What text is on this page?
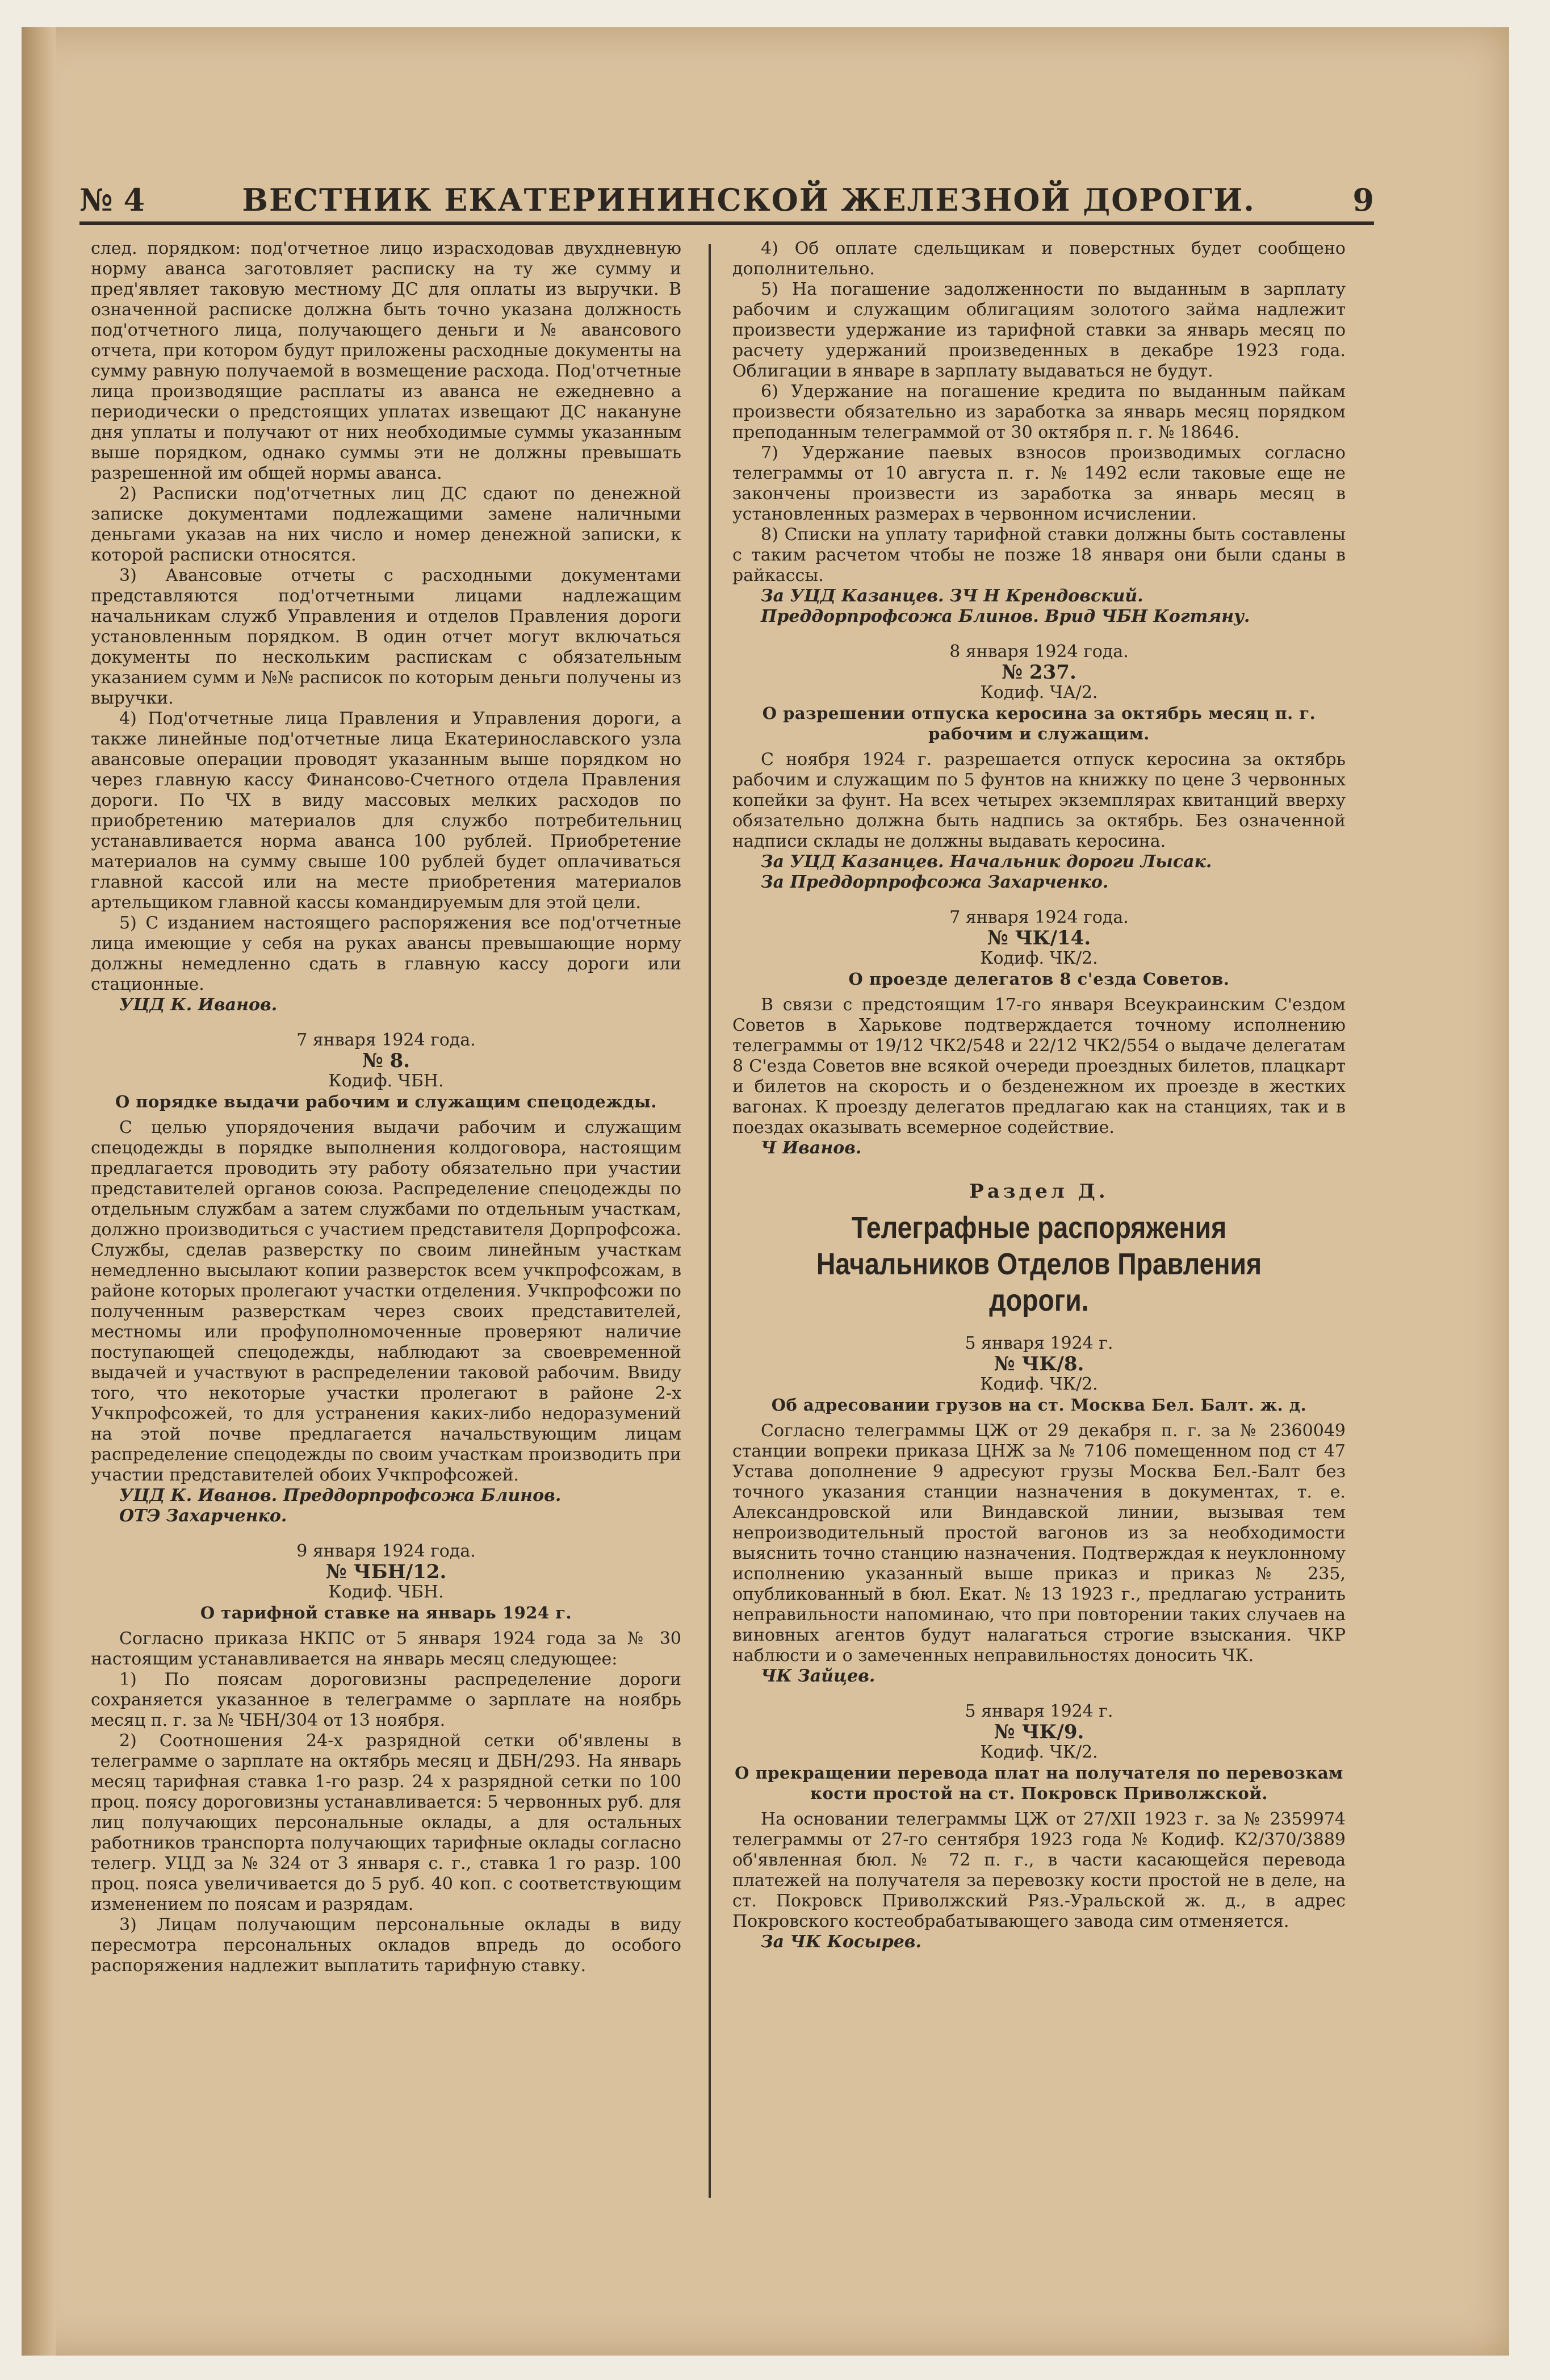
№ 4	ВЕСТНИК ЕКАТЕРИНИНСКОЙ ЖЕЛЕЗНОЙ ДОРОГИ.	9

след. порядком: под'отчетное лицо израсходовав двухдневную норму аванса заготовляет расписку на ту же сумму и пред'являет таковую местному ДС для оплаты из выручки. В означенной расписке должна быть точно указана должность под'отчетного лица, получающего деньги и № авансового отчета, при котором будут приложены расходные документы на сумму равную получаемой в возмещение расхода. Под'отчетные лица производящие расплаты из аванса не ежедневно а периодически о предстоящих уплатах извещают ДС накануне дня уплаты и получают от них необходимые суммы указанным выше порядком, однако суммы эти не должны превышать разрешенной им общей нормы аванса.

2) Расписки под'отчетных лиц ДС сдают по денежной записке документами подлежащими замене наличными деньгами указав на них число и номер денежной записки, к которой расписки относятся.

3) Авансовые отчеты с расходными документами представляются под'отчетными лицами надлежащим начальникам служб Управления и отделов Правления дороги установленным порядком. В один отчет могут включаться документы по нескольким распискам с обязательным указанием сумм и №№ расписок по которым деньги получены из выручки.

4) Под'отчетные лица Правления и Управления дороги, а также линейные под'отчетные лица Екатеринославского узла авансовые операции проводят указанным выше порядком но через главную кассу Финансово-Счетного отдела Правления дороги. По ЧХ в виду массовых мелких расходов по приобретению материалов для службо потребительниц устанавливается норма аванса 100 рублей. Приобретение материалов на сумму свыше 100 рублей будет оплачиваться главной кассой или на месте приобретения материалов артельщиком главной кассы командируемым для этой цели.

5) С изданием настоящего распоряжения все под'отчетные лица имеющие у себя на руках авансы превышающие норму должны немедленно сдать в главную кассу дороги или стационные.

УЦД К. Иванов.

7 января 1924 года.

№ 8.

Кодиф. ЧБН.

О порядке выдачи рабочим и служащим спецодежды.

С целью упорядочения выдачи рабочим и служащим спецодежды в порядке выполнения колдоговора, настоящим предлагается проводить эту работу обязательно при участии представителей органов союза. Распределение спецодежды по отдельным службам а затем службами по отдельным участкам, должно производиться с участием представителя Дорпрофсожа. Службы, сделав разверстку по своим линейным участкам немедленно высылают копии разверсток всем учкпрофсожам, в районе которых пролегают участки отделения. Учкпрофсожи по полученным разверсткам через своих представителей, местномы или профуполномоченные проверяют наличие поступающей спецодежды, наблюдают за своевременной выдачей и участвуют в распределении таковой рабочим. Ввиду того, что некоторые участки пролегают в районе 2-х Учкпрофсожей, то для устранения каких-либо недоразумений на этой почве предлагается начальствующим лицам распределение спецодежды по своим участкам производить при участии представителей обоих Учкпрофсожей.

УЦД К. Иванов. Преддорпрофсожа Блинов.

ОТЭ Захарченко.

9 января 1924 года.

№ ЧБН/12.

Кодиф. ЧБН.

О тарифной ставке на январь 1924 г.

Согласно приказа НКПС от 5 января 1924 года за № 30 настоящим устанавливается на январь месяц следующее:

1) По поясам дороговизны распределение дороги сохраняется указанное в телеграмме о зарплате на ноябрь месяц п. г. за № ЧБН/304 от 13 ноября.

2) Соотношения 24-х разрядной сетки об'явлены в телеграмме о зарплате на октябрь месяц и ДБН/293. На январь месяц тарифная ставка 1-го разр. 24 х разрядной сетки по 100 проц. поясу дороговизны устанавливается: 5 червонных руб. для лиц получающих персональные оклады, а для остальных работников транспорта получающих тарифные оклады согласно телегр. УЦД за № 324 от 3 января с. г., ставка 1 го разр. 100 проц. пояса увеличивается до 5 руб. 40 коп. с соответствующим изменением по поясам и разрядам.

3) Лицам получающим персональные оклады в виду пересмотра персональных окладов впредь до особого распоряжения надлежит выплатить тарифную ставку.

4) Об оплате сдельщикам и поверстных будет сообщено дополнительно.

5) На погашение задолженности по выданным в зарплату рабочим и служащим облигациям золотого займа надлежит произвести удержание из тарифной ставки за январь месяц по расчету удержаний произведенных в декабре 1923 года. Облигации в январе в зарплату выдаваться не будут.

6) Удержание на погашение кредита по выданным пайкам произвести обязательно из заработка за январь месяц порядком преподанным телеграммой от 30 октября п. г. № 18646.

7) Удержание паевых взносов производимых согласно телеграммы от 10 августа п. г. № 1492 если таковые еще не закончены произвести из заработка за январь месяц в установленных размерах в червонном исчислении.

8) Списки на уплату тарифной ставки должны быть составлены с таким расчетом чтобы не позже 18 января они были сданы в райкассы.

За УЦД Казанцев. ЗЧ Н Крендовский.

Преддорпрофсожа Блинов. Врид ЧБН Когтяну.

8 января 1924 года.

№ 237.

Кодиф. ЧА/2.

О разрешении отпуска керосина за октябрь месяц п. г. рабочим и служащим.

С ноября 1924 г. разрешается отпуск керосина за октябрь рабочим и служащим по 5 фунтов на книжку по цене 3 червонных копейки за фунт. На всех четырех экземплярах квитанций вверху обязательно должна быть надпись за октябрь. Без означенной надписи склады не должны выдавать керосина.

За УЦД Казанцев. Начальник дороги Лысак.

За Преддорпрофсожа Захарченко.

7 января 1924 года.

№ ЧК/14.

Кодиф. ЧК/2.

О проезде делегатов 8 с'езда Советов.

В связи с предстоящим 17-го января Всеукраинским С'ездом Советов в Харькове подтверждается точному исполнению телеграммы от 19/12 ЧК2/548 и 22/12 ЧК2/554 о выдаче делегатам 8 С'езда Советов вне всякой очереди проездных билетов, плацкарт и билетов на скорость и о безденежном их проезде в жестких вагонах. К проезду делегатов предлагаю как на станциях, так и в поездах оказывать всемерное содействие.

Ч Иванов.

Раздел Д.

Телеграфные распоряжения Начальников Отделов Правления дороги.

5 января 1924 г.

№ ЧК/8.

Кодиф. ЧК/2.

Об адресовании грузов на ст. Москва Бел. Балт. ж. д.

Согласно телеграммы ЦЖ от 29 декабря п. г. за № 2360049 станции вопреки приказа ЦНЖ за № 7106 помещенном под ст 47 Устава дополнение 9 адресуют грузы Москва Бел.-Балт без точного указания станции назначения в документах, т. е. Александровской или Виндавской линии, вызывая тем непроизводительный простой вагонов из за необходимости выяснить точно станцию назначения. Подтверждая к неуклонному исполнению указанный выше приказ и приказ № 235, опубликованный в бюл. Екат. № 13 1923 г., предлагаю устранить неправильности напоминаю, что при повторении таких случаев на виновных агентов будут налагаться строгие взыскания. ЧКР наблюсти и о замеченных неправильностях доносить ЧК.

ЧК Зайцев.

5 января 1924 г.

№ ЧК/9.

Кодиф. ЧК/2.

О прекращении перевода плат на получателя по перевозкам кости простой на ст. Покровск Приволжской.

На основании телеграммы ЦЖ от 27/XII 1923 г. за № 2359974 телеграммы от 27-го сентября 1923 года № Кодиф. К2/370/3889 об'явленная бюл. № 72 п. г., в части касающейся перевода платежей на получателя за перевозку кости простой не в деле, на ст. Покровск Приволжский Ряз.-Уральской ж. д., в адрес Покровского костеобрабатывающего завода сим отменяется.

За ЧК Косырев.
